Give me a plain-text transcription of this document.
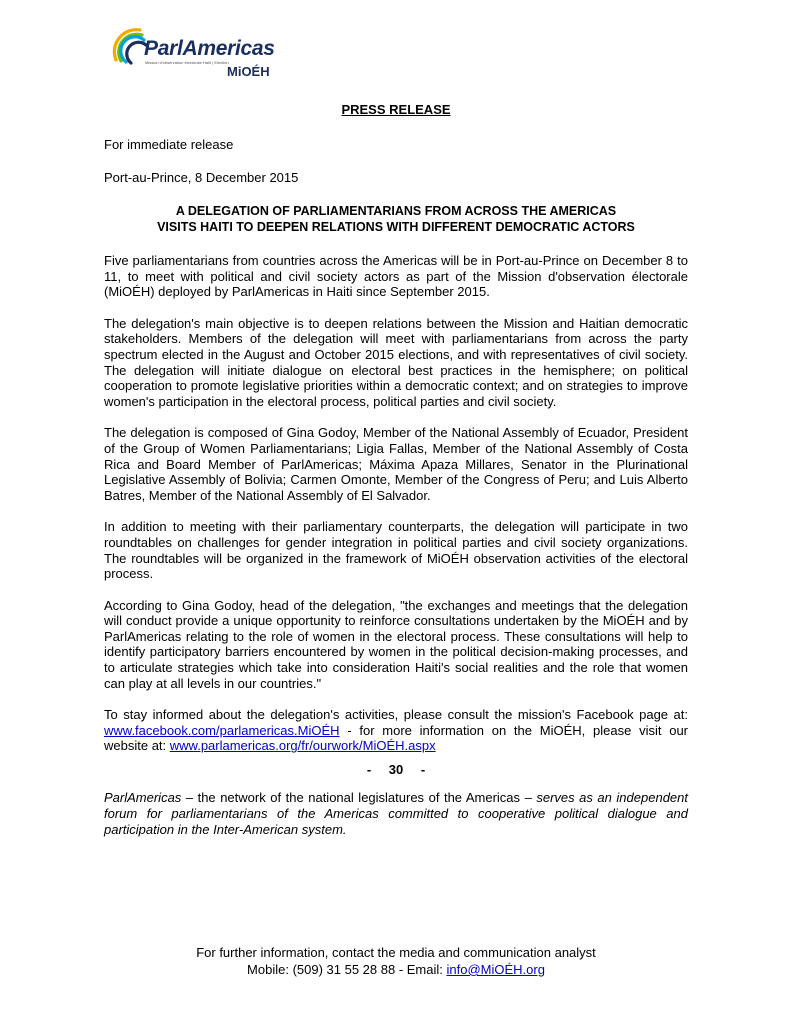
ParlAmericas
Mission d'observation électorale Haïti | Election
MiOÉH
PRESS RELEASE
For immediate release
Port-au-Prince, 8 December 2015
A DELEGATION OF PARLIAMENTARIANS FROM ACROSS THE AMERICAS
VISITS HAITI TO DEEPEN RELATIONS WITH DIFFERENT DEMOCRATIC ACTORS

Five parliamentarians from countries across the Americas will be in Port-au-Prince on December 8 to 11, to meet with political and civil society actors as part of the Mission d'observation électorale (MiOÉH) deployed by ParlAmericas in Haiti since September 2015.

The delegation's main objective is to deepen relations between the Mission and Haitian democratic stakeholders. Members of the delegation will meet with parliamentarians from across the party spectrum elected in the August and October 2015 elections, and with representatives of civil society. The delegation will initiate dialogue on electoral best practices in the hemisphere; on political cooperation to promote legislative priorities within a democratic context; and on strategies to improve women's participation in the electoral process, political parties and civil society.

The delegation is composed of Gina Godoy, Member of the National Assembly of Ecuador, President of the Group of Women Parliamentarians; Ligia Fallas, Member of the National Assembly of Costa Rica and Board Member of ParlAmericas; Máxima Apaza Millares, Senator in the Plurinational Legislative Assembly of Bolivia; Carmen Omonte, Member of the Congress of Peru; and Luis Alberto Batres, Member of the National Assembly of El Salvador.

In addition to meeting with their parliamentary counterparts, the delegation will participate in two roundtables on challenges for gender integration in political parties and civil society organizations. The roundtables will be organized in the framework of MiOÉH observation activities of the electoral process.

According to Gina Godoy, head of the delegation, "the exchanges and meetings that the delegation will conduct provide a unique opportunity to reinforce consultations undertaken by the MiOÉH and by ParlAmericas relating to the role of women in the electoral process. These consultations will help to identify participatory barriers encountered by women in the political decision-making processes, and to articulate strategies which take into consideration Haiti's social realities and the role that women can play at all levels in our countries."

To stay informed about the delegation's activities, please consult the mission's Facebook page at: www.facebook.com/parlamericas.MiOÉH - for more information on the MiOÉH, please visit our website at: www.parlamericas.org/fr/ourwork/MiOÉH.aspx

- 30 -

ParlAmericas – the network of the national legislatures of the Americas – serves as an independent forum for parliamentarians of the Americas committed to cooperative political dialogue and participation in the Inter-American system.

For further information, contact the media and communication analyst
Mobile: (509) 31 55 28 88 - Email: info@MiOÉH.org
